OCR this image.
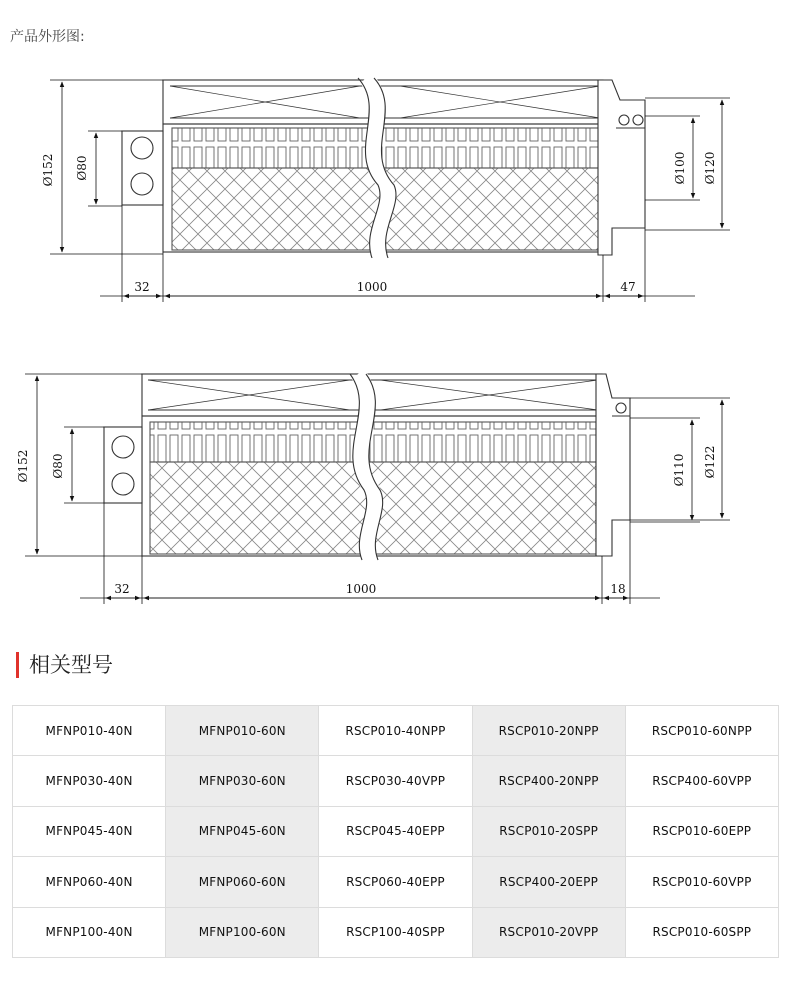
产品外形图:
Ø152 Ø80	Ø100 Ø120
32	1000	47
Ø152 Ø80	Ø110 Ø122
32	1000	18
相关型号
MFNP010-40N	MFNP010-60N	RSCP010-40NPP	RSCP010-20NPP	RSCP010-60NPP
MFNP030-40N	MFNP030-60N	RSCP030-40VPP	RSCP400-20NPP	RSCP400-60VPP
MFNP045-40N	MFNP045-60N	RSCP045-40EPP	RSCP010-20SPP	RSCP010-60EPP
MFNP060-40N	MFNP060-60N	RSCP060-40EPP	RSCP400-20EPP	RSCP010-60VPP
MFNP100-40N	MFNP100-60N	RSCP100-40SPP	RSCP010-20VPP	RSCP010-60SPP
